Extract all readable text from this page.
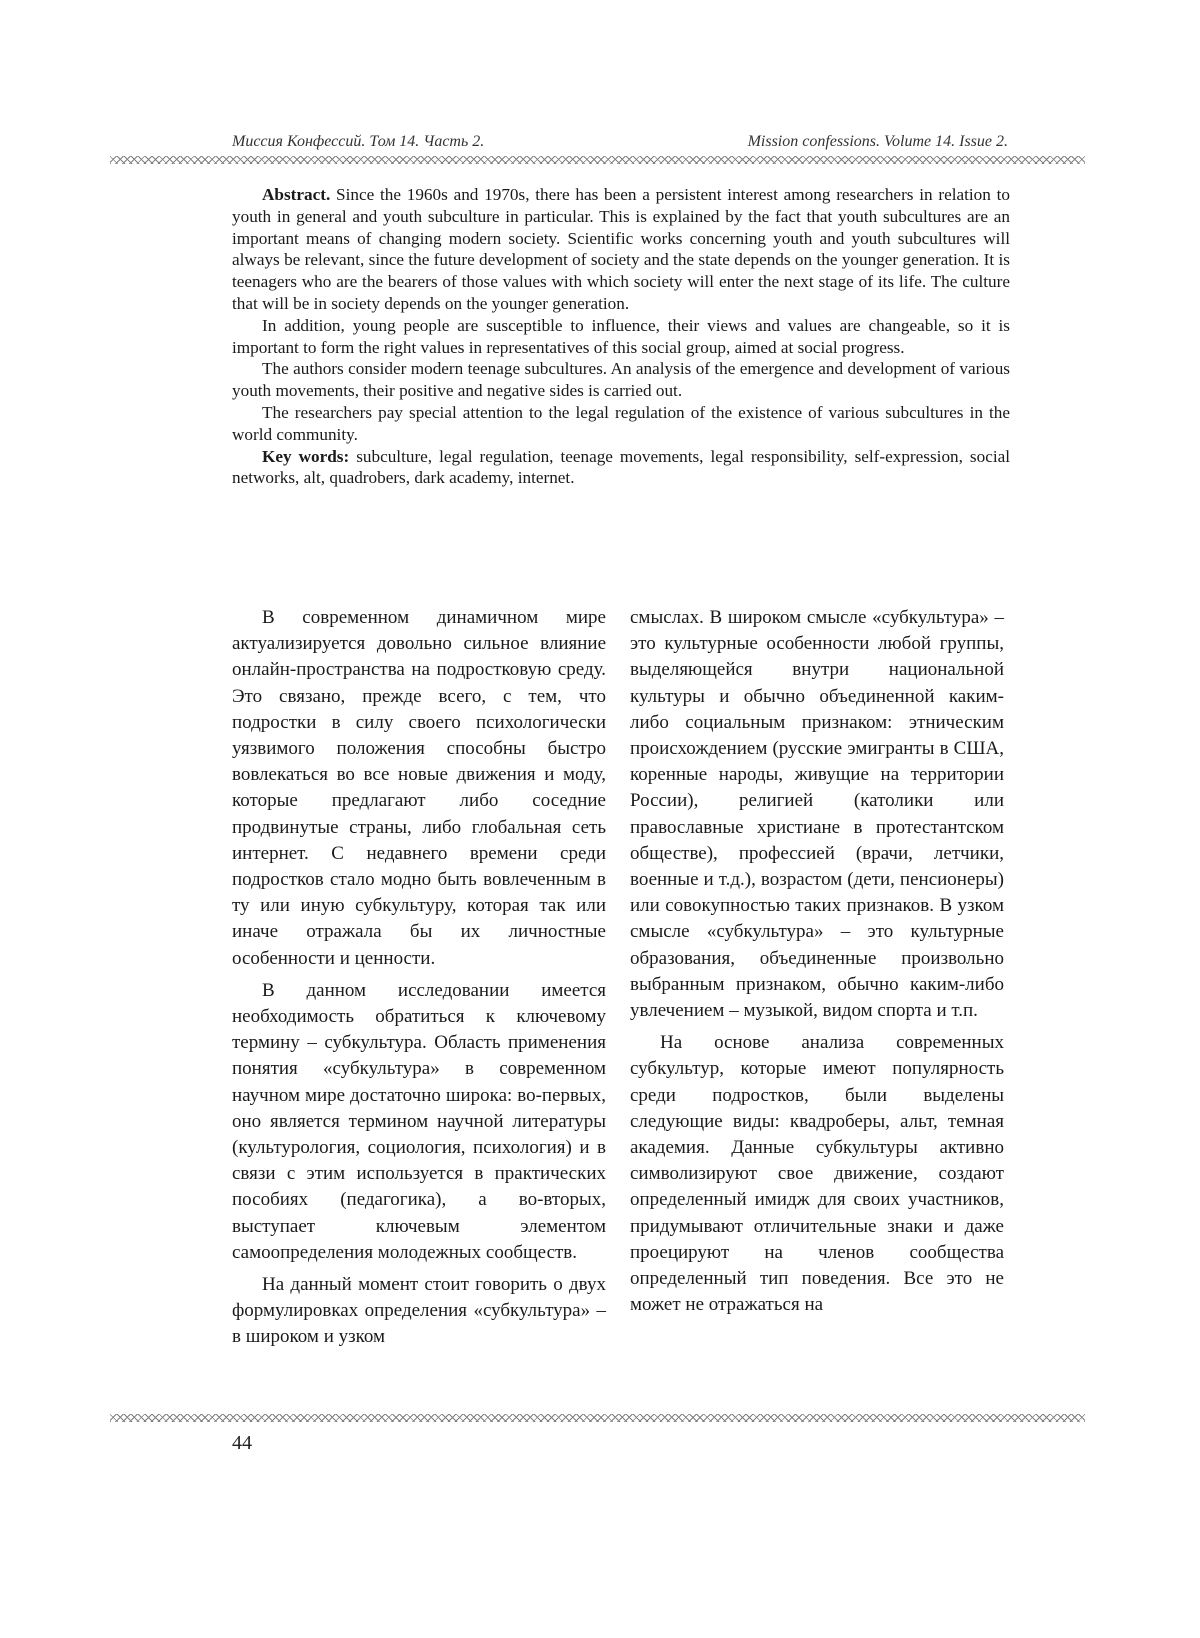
Миссия Конфессий. Том 14. Часть 2.	Mission confessions. Volume 14. Issue 2.

Abstract. Since the 1960s and 1970s, there has been a persistent interest among researchers in relation to youth in general and youth subculture in particular. This is explained by the fact that youth subcultures are an important means of changing modern society. Scientific works concerning youth and youth subcultures will always be relevant, since the future development of society and the state depends on the younger generation. It is teenagers who are the bearers of those values with which society will enter the next stage of its life. The culture that will be in society depends on the younger generation.

In addition, young people are susceptible to influence, their views and values are changeable, so it is important to form the right values in representatives of this social group, aimed at social progress.

The authors consider modern teenage subcultures. An analysis of the emergence and development of various youth movements, their positive and negative sides is carried out.

The researchers pay special attention to the legal regulation of the existence of various subcultures in the world community.

Key words: subculture, legal regulation, teenage movements, legal responsibility, self-expression, social networks, alt, quadrobers, dark academy, internet.

В современном динамичном мире актуализируется довольно сильное влияние онлайн-пространства на подростковую среду. Это связано, прежде всего, с тем, что подростки в силу своего психологически уязвимого положения способны быстро вовлекаться во все новые движения и моду, которые предлагают либо соседние продвинутые страны, либо глобальная сеть интернет. С недавнего времени среди подростков стало модно быть вовлеченным в ту или иную субкультуру, которая так или иначе отражала бы их личностные особенности и ценности.

В данном исследовании имеется необходимость обратиться к ключевому термину – субкультура. Область применения понятия «субкультура» в современном научном мире достаточно широка: во-первых, оно является термином научной литературы (культурология, социология, психология) и в связи с этим используется в практических пособиях (педагогика), а во-вторых, выступает ключевым элементом самоопределения молодежных сообществ.

На данный момент стоит говорить о двух формулировках определения «субкультура» – в широком и узком

смыслах. В широком смысле «субкультура» – это культурные особенности любой группы, выделяющейся внутри национальной культуры и обычно объединенной каким-либо социальным признаком: этническим происхождением (русские эмигранты в США, коренные народы, живущие на территории России), религией (католики или православные христиане в протестантском обществе), профессией (врачи, летчики, военные и т.д.), возрастом (дети, пенсионеры) или совокупностью таких признаков. В узком смысле «субкультура» – это культурные образования, объединенные произвольно выбранным признаком, обычно каким-либо увлечением – музыкой, видом спорта и т.п.

На основе анализа современных субкультур, которые имеют популярность среди подростков, были выделены следующие виды: квадроберы, альт, темная академия. Данные субкультуры активно символизируют свое движение, создают определенный имидж для своих участников, придумывают отличительные знаки и даже проецируют на членов сообщества определенный тип поведения. Все это не может не отражаться на

44
